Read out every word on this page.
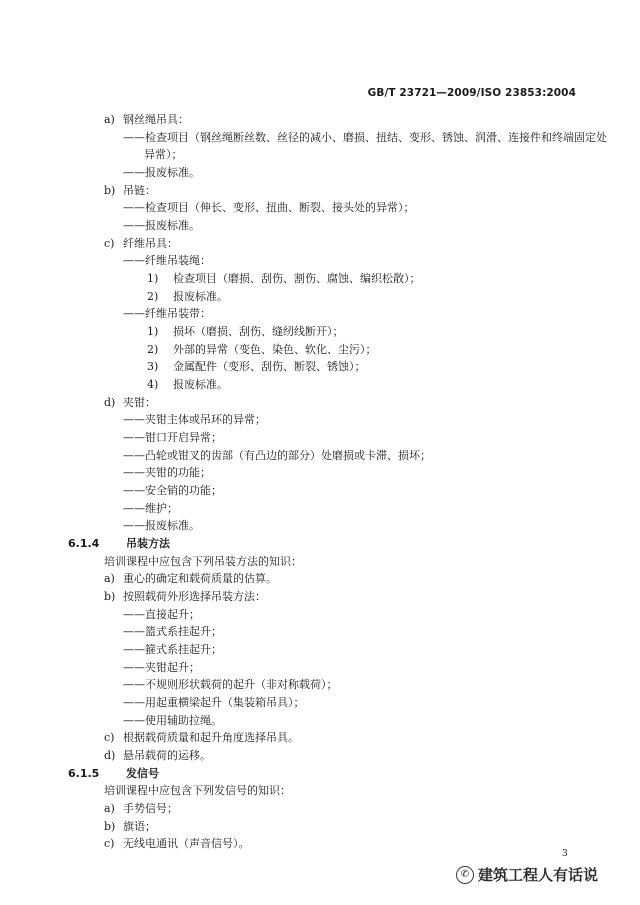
GB/T 23721—2009/ISO 23853:2004
a) 钢丝绳吊具：
——检查项目（钢丝绳断丝数、丝径的减小、磨损、扭结、变形、锈蚀、润滑、连接件和终端固定处
异常）；
——报废标准。
b) 吊链：
——检查项目（伸长、变形、扭曲、断裂、接头处的异常）；
——报废标准。
c) 纤维吊具：
——纤维吊装绳：
1) 检查项目（磨损、刮伤、割伤、腐蚀、编织松散）；
2) 报废标准。
——纤维吊装带：
1) 损坏（磨损、刮伤、缝纫线断开）；
2) 外部的异常（变色、染色、软化、尘污）；
3) 金属配件（变形、刮伤、断裂、锈蚀）；
4) 报废标准。
d) 夹钳：
——夹钳主体或吊环的异常；
——钳口开启异常；
——凸轮或钳叉的齿部（有凸边的部分）处磨损或卡滞、损坏；
——夹钳的功能；
——安全销的功能；
——维护；
——报废标准。
6.1.4 吊装方法
培训课程中应包含下列吊装方法的知识：
a) 重心的确定和载荷质量的估算。
b) 按照载荷外形选择吊装方法：
——直接起升；
——篮式系挂起升；
——箍式系挂起升；
——夹钳起升；
——不规则形状载荷的起升（非对称载荷）；
——用起重横梁起升（集装箱吊具）；
——使用辅助拉绳。
c) 根据载荷质量和起升角度选择吊具。
d) 悬吊载荷的运移。
6.1.5 发信号
培训课程中应包含下列发信号的知识：
a) 手势信号；
b) 旗语；
c) 无线电通讯（声音信号）。
3
✆ 建筑工程人有话说
